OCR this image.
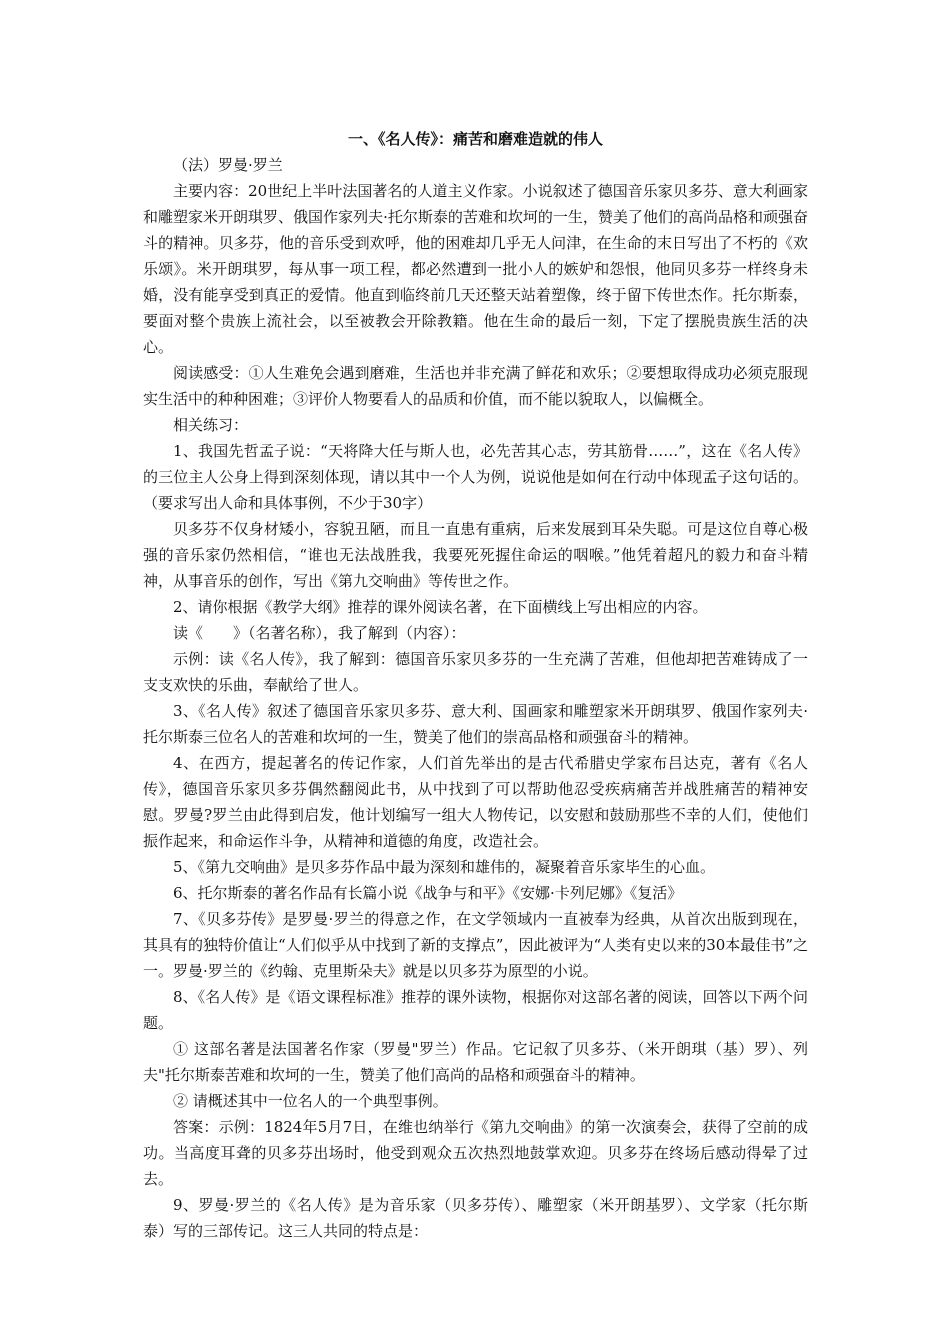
一、《名人传》：痛苦和磨难造就的伟人

（法）罗曼·罗兰

主要内容：20世纪上半叶法国著名的人道主义作家。小说叙述了德国音乐家贝多芬、意大利画家和雕塑家米开朗琪罗、俄国作家列夫·托尔斯泰的苦难和坎坷的一生，赞美了他们的高尚品格和顽强奋斗的精神。贝多芬，他的音乐受到欢呼，他的困难却几乎无人问津，在生命的末日写出了不朽的《欢乐颂》。米开朗琪罗，每从事一项工程，都必然遭到一批小人的嫉妒和怨恨，他同贝多芬一样终身未婚，没有能享受到真正的爱情。他直到临终前几天还整天站着塑像，终于留下传世杰作。托尔斯泰，要面对整个贵族上流社会，以至被教会开除教籍。他在生命的最后一刻，下定了摆脱贵族生活的决心。

阅读感受：①人生难免会遇到磨难，生活也并非充满了鲜花和欢乐；②要想取得成功必须克服现实生活中的种种困难；③评价人物要看人的品质和价值，而不能以貌取人，以偏概全。

相关练习：

1、我国先哲孟子说：“天将降大任与斯人也，必先苦其心志，劳其筋骨……”，这在《名人传》的三位主人公身上得到深刻体现，请以其中一个人为例，说说他是如何在行动中体现孟子这句话的。（要求写出人命和具体事例，不少于30字）

贝多芬不仅身材矮小，容貌丑陋，而且一直患有重病，后来发展到耳朵失聪。可是这位自尊心极强的音乐家仍然相信，“谁也无法战胜我，我要死死握住命运的咽喉。”他凭着超凡的毅力和奋斗精神，从事音乐的创作，写出《第九交响曲》等传世之作。

2、请你根据《教学大纲》推荐的课外阅读名著，在下面横线上写出相应的内容。

读《　　》（名著名称），我了解到（内容）：

示例：读《名人传》，我了解到：德国音乐家贝多芬的一生充满了苦难，但他却把苦难铸成了一支支欢快的乐曲，奉献给了世人。

3、《名人传》叙述了德国音乐家贝多芬、意大利、国画家和雕塑家米开朗琪罗、俄国作家列夫·托尔斯泰三位名人的苦难和坎坷的一生，赞美了他们的崇高品格和顽强奋斗的精神。

4、在西方，提起著名的传记作家，人们首先举出的是古代希腊史学家布吕达克，著有《名人传》，德国音乐家贝多芬偶然翻阅此书，从中找到了可以帮助他忍受疾病痛苦并战胜痛苦的精神安慰。罗曼?罗兰由此得到启发，他计划编写一组大人物传记，以安慰和鼓励那些不幸的人们，使他们振作起来，和命运作斗争，从精神和道德的角度，改造社会。

5、《第九交响曲》是贝多芬作品中最为深刻和雄伟的，凝聚着音乐家毕生的心血。

6、托尔斯泰的著名作品有长篇小说《战争与和平》《安娜·卡列尼娜》《复活》

7、《贝多芬传》是罗曼·罗兰的得意之作，在文学领域内一直被奉为经典，从首次出版到现在，其具有的独特价值让“人们似乎从中找到了新的支撑点”，因此被评为“人类有史以来的30本最佳书”之一。罗曼·罗兰的《约翰、克里斯朵夫》就是以贝多芬为原型的小说。

8、《名人传》是《语文课程标准》推荐的课外读物，根据你对这部名著的阅读，回答以下两个问题。

① 这部名著是法国著名作家（罗曼"罗兰）作品。它记叙了贝多芬、（米开朗琪（基）罗）、列夫"托尔斯泰苦难和坎坷的一生，赞美了他们高尚的品格和顽强奋斗的精神。

② 请概述其中一位名人的一个典型事例。

答案：示例：1824年5月7日，在维也纳举行《第九交响曲》的第一次演奏会，获得了空前的成功。当高度耳聋的贝多芬出场时，他受到观众五次热烈地鼓掌欢迎。贝多芬在终场后感动得晕了过去。

9、罗曼·罗兰的《名人传》是为音乐家（贝多芬传）、雕塑家（米开朗基罗）、文学家（托尔斯泰）写的三部传记。这三人共同的特点是：
